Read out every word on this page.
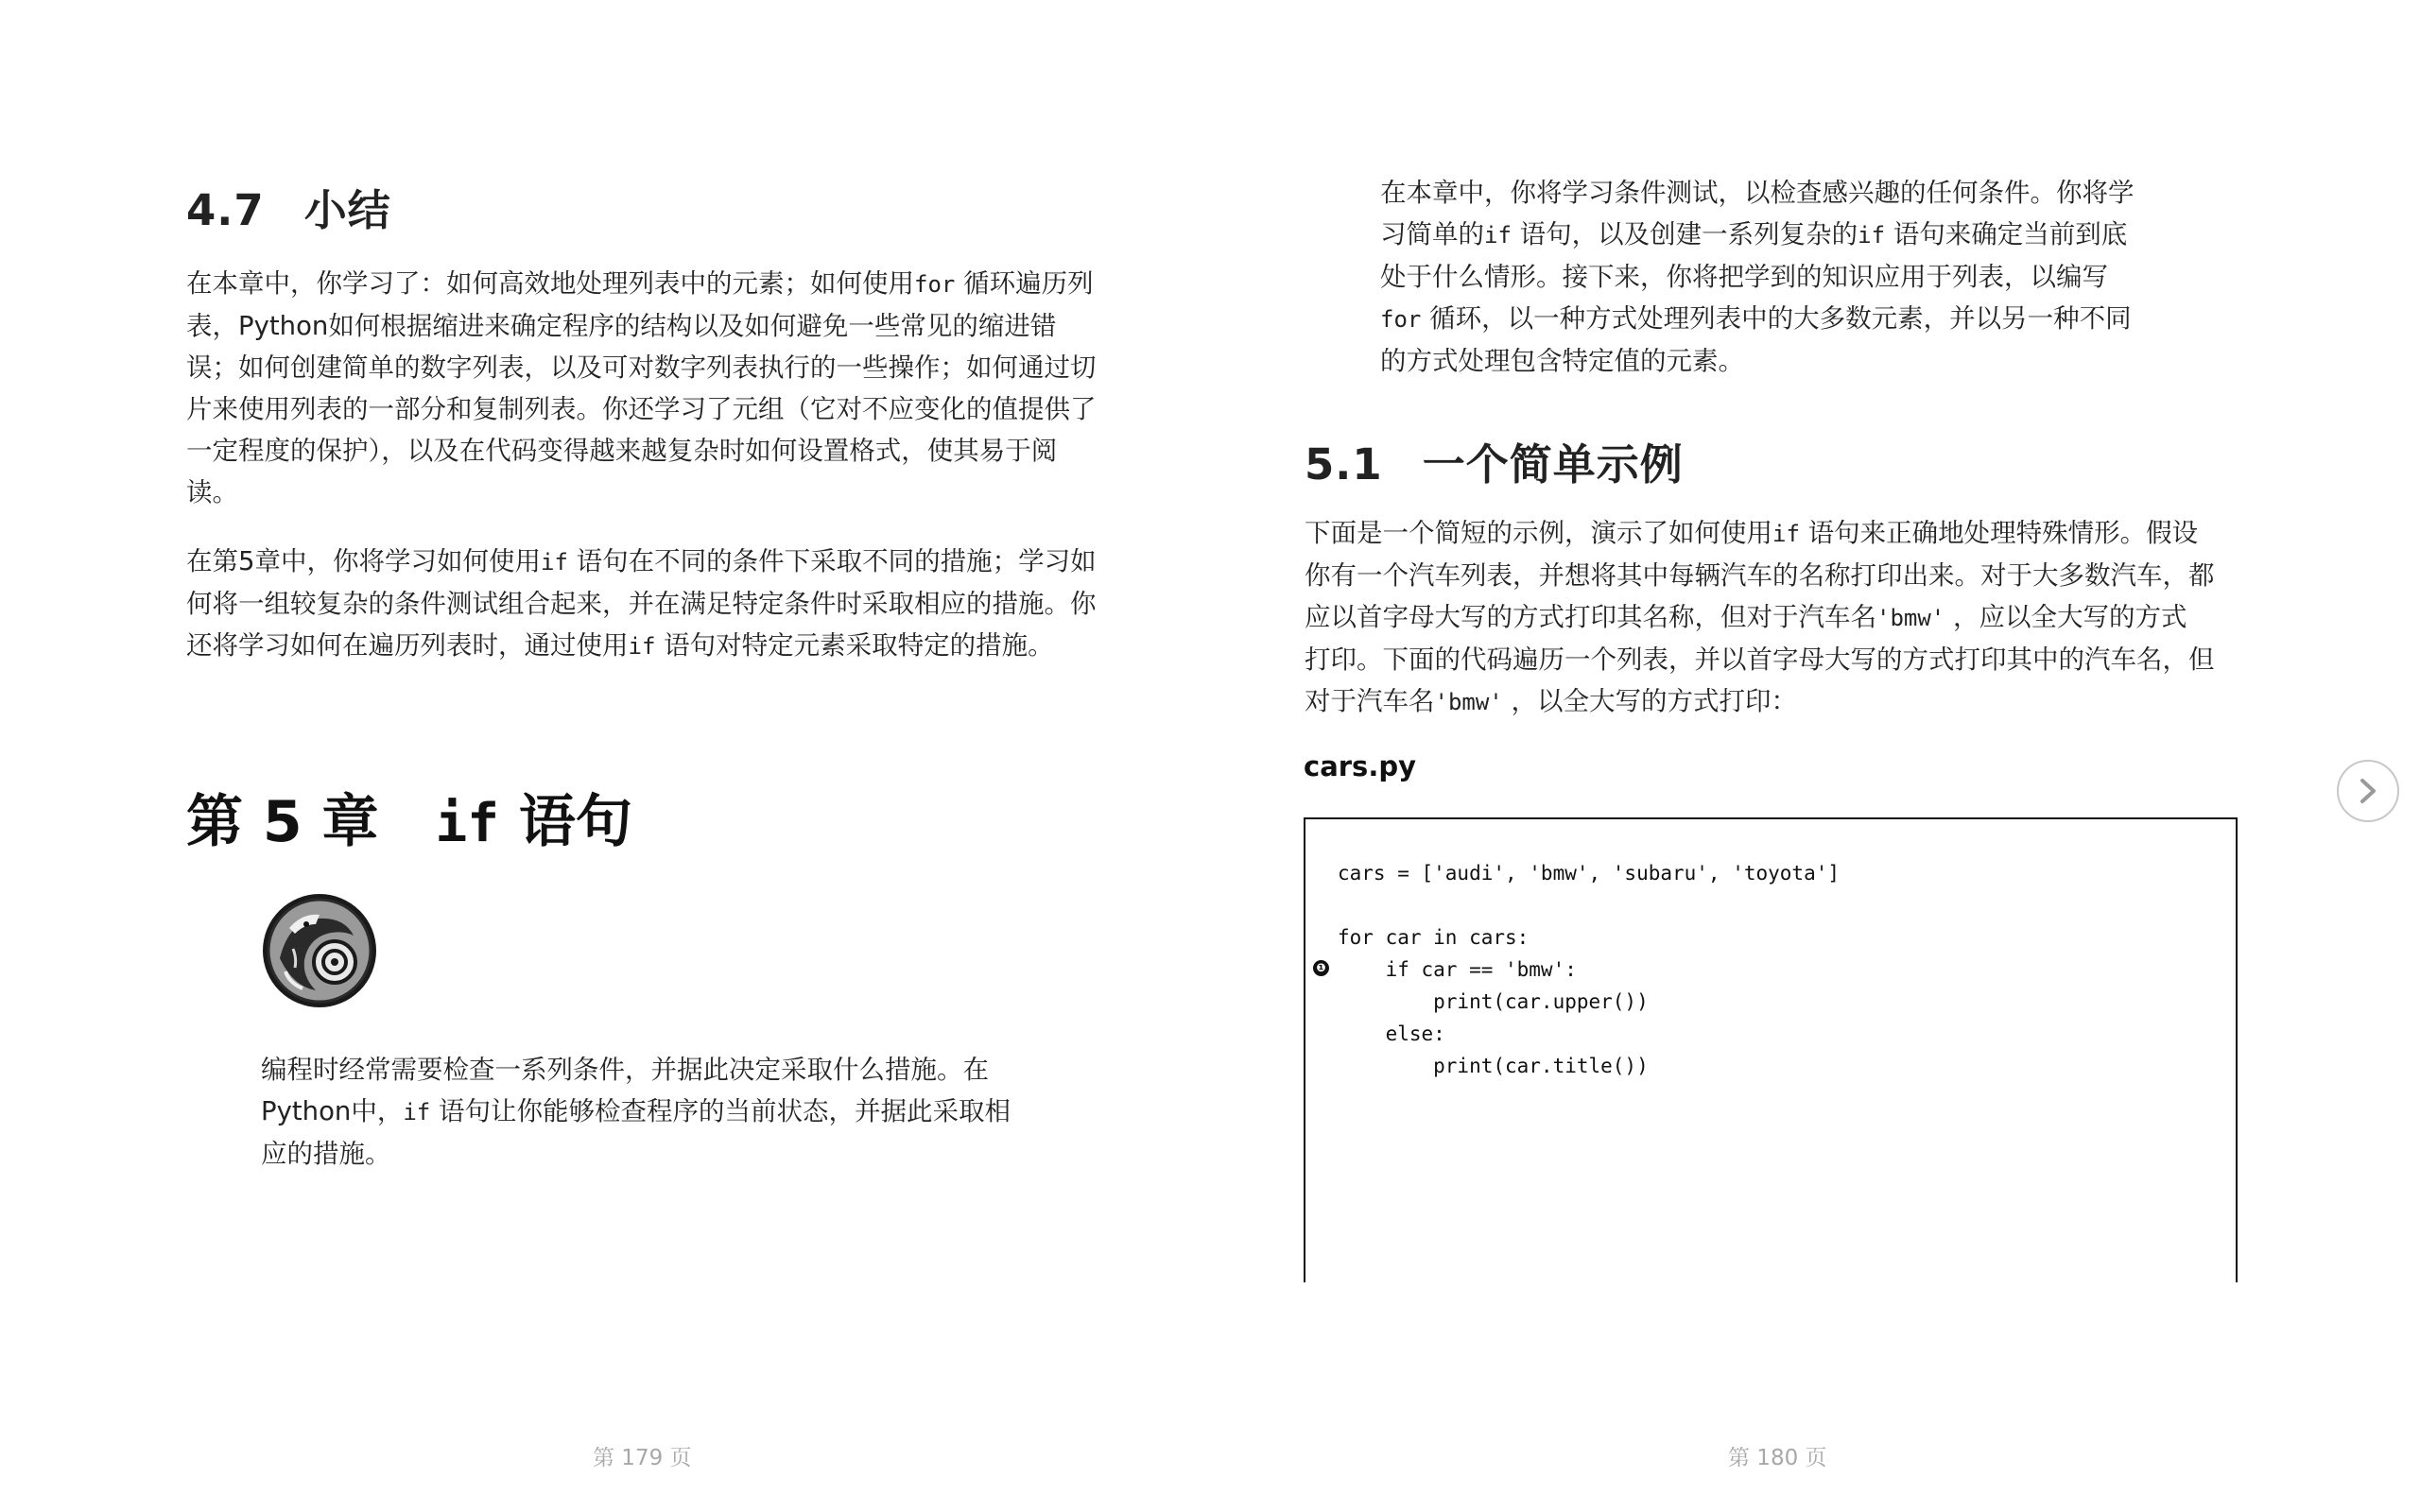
4.7 小结
在本章中，你学习了：如何高效地处理列表中的元素；如何使用for 循环遍历列
表，Python如何根据缩进来确定程序的结构以及如何避免一些常见的缩进错
误；如何创建简单的数字列表，以及可对数字列表执行的一些操作；如何通过切
片来使用列表的一部分和复制列表。你还学习了元组（它对不应变化的值提供了
一定程度的保护），以及在代码变得越来越复杂时如何设置格式，使其易于阅
读。
在第5章中，你将学习如何使用if 语句在不同的条件下采取不同的措施；学习如
何将一组较复杂的条件测试组合起来，并在满足特定条件时采取相应的措施。你
还将学习如何在遍历列表时，通过使用if 语句对特定元素采取特定的措施。
第 5 章 if 语句
编程时经常需要检查一系列条件，并据此决定采取什么措施。在
Python中，if 语句让你能够检查程序的当前状态，并据此采取相
应的措施。
第 179 页
在本章中，你将学习条件测试，以检查感兴趣的任何条件。你将学
习简单的if 语句，以及创建一系列复杂的if 语句来确定当前到底
处于什么情形。接下来，你将把学到的知识应用于列表，以编写
for 循环，以一种方式处理列表中的大多数元素，并以另一种不同
的方式处理包含特定值的元素。
5.1 一个简单示例
下面是一个简短的示例，演示了如何使用if 语句来正确地处理特殊情形。假设
你有一个汽车列表，并想将其中每辆汽车的名称打印出来。对于大多数汽车，都
应以首字母大写的方式打印其名称，但对于汽车名'bmw' ，应以全大写的方式
打印。下面的代码遍历一个列表，并以首字母大写的方式打印其中的汽车名，但
对于汽车名'bmw' ，以全大写的方式打印：
cars.py
❶
cars = ['audi', 'bmw', 'subaru', 'toyota']
for car in cars:
if car == 'bmw':
print(car.upper())
else:
print(car.title())
第 180 页
